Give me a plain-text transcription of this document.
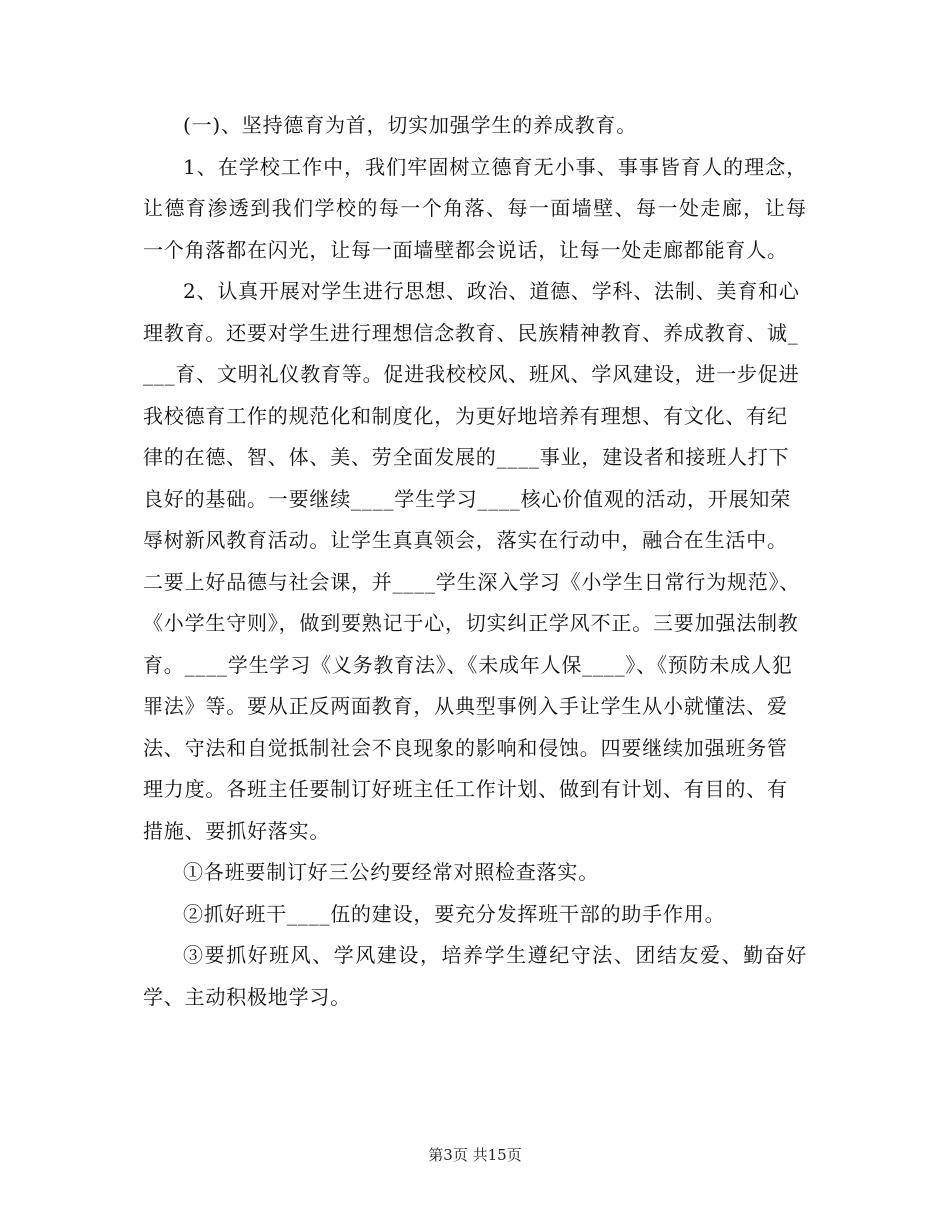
(一)、坚持德育为首，切实加强学生的养成教育。

1、在学校工作中，我们牢固树立德育无小事、事事皆育人的理念，让德育渗透到我们学校的每一个角落、每一面墙壁、每一处走廊，让每一个角落都在闪光，让每一面墙壁都会说话，让每一处走廊都能育人。

2、认真开展对学生进行思想、政治、道德、学科、法制、美育和心理教育。还要对学生进行理想信念教育、民族精神教育、养成教育、诚____育、文明礼仪教育等。促进我校校风、班风、学风建设，进一步促进我校德育工作的规范化和制度化，为更好地培养有理想、有文化、有纪律的在德、智、体、美、劳全面发展的____事业，建设者和接班人打下良好的基础。一要继续____学生学习____核心价值观的活动，开展知荣辱树新风教育活动。让学生真真领会，落实在行动中，融合在生活中。二要上好品德与社会课，并____学生深入学习《小学生日常行为规范》、《小学生守则》，做到要熟记于心，切实纠正学风不正。三要加强法制教育。____学生学习《义务教育法》、《未成年人保____》、《预防未成人犯罪法》等。要从正反两面教育，从典型事例入手让学生从小就懂法、爱法、守法和自觉抵制社会不良现象的影响和侵蚀。四要继续加强班务管理力度。各班主任要制订好班主任工作计划、做到有计划、有目的、有措施、要抓好落实。

①各班要制订好三公约要经常对照检查落实。

②抓好班干____伍的建设，要充分发挥班干部的助手作用。

③要抓好班风、学风建设，培养学生遵纪守法、团结友爱、勤奋好学、主动积极地学习。

第3页 共15页
